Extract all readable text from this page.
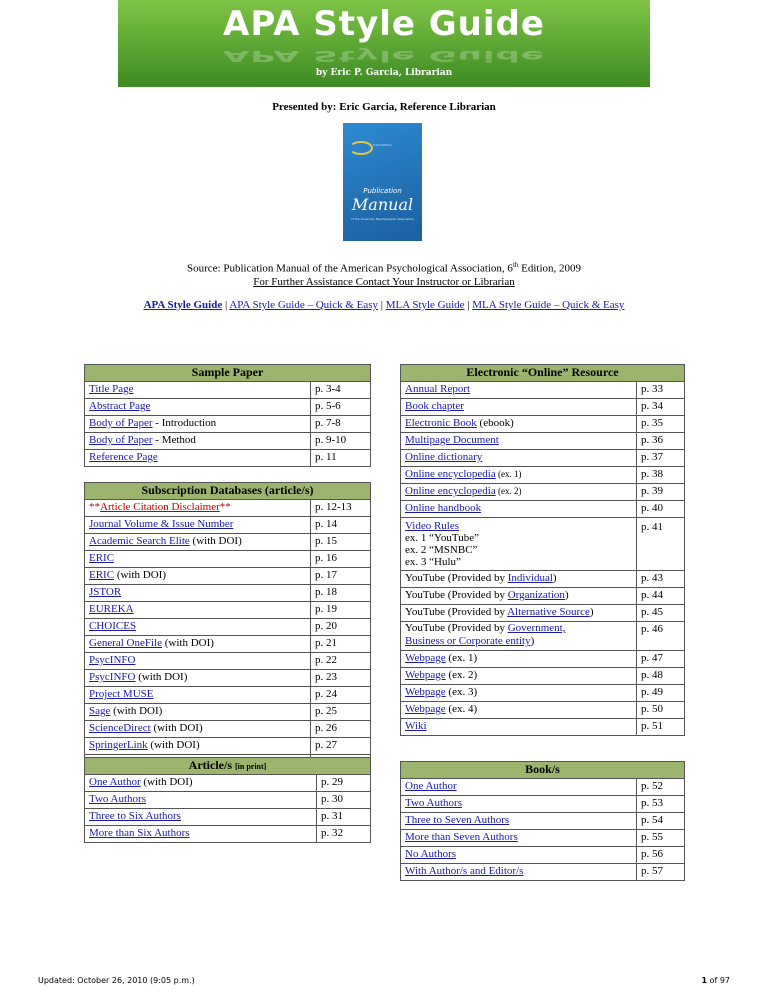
APA Style Guide
APA Style Guide
by Eric P. Garcia, Librarian
Presented by: Eric Garcia, Reference Librarian
Sixth Edition
Publication
Manual
of the American Psychological Association
Source: Publication Manual of the American Psychological Association, 6th Edition, 2009
For Further Assistance Contact Your Instructor or Librarian
APA Style Guide | APA Style Guide – Quick & Easy | MLA Style Guide | MLA Style Guide – Quick & Easy
Sample Paper	
Title Page	p. 3-4
Abstract Page	p. 5-6
Body of Paper - Introduction	p. 7-8
Body of Paper - Method	p. 9-10
Reference Page	p. 11
Subscription Databases (article/s)	
**Article Citation Disclaimer**	p. 12-13
Journal Volume & Issue Number	p. 14
Academic Search Elite (with DOI)	p. 15
ERIC	p. 16
ERIC (with DOI)	p. 17
JSTOR	p. 18
EUREKA	p. 19
CHOICES	p. 20
General OneFile (with DOI)	p. 21
PsycINFO	p. 22
PsycINFO (with DOI)	p. 23
Project MUSE	p. 24
Sage (with DOI)	p. 25
ScienceDirect (with DOI)	p. 26
SpringerLink (with DOI)	p. 27

Article/s [in print]	
One Author (with DOI)	p. 29
Two Authors	p. 30
Three to Six Authors	p. 31
More than Six Authors	p. 32
Electronic “Online” Resource	
Annual Report	p. 33
Book chapter	p. 34
Electronic Book (ebook)	p. 35
Multipage Document	p. 36
Online dictionary	p. 37
Online encyclopedia (ex. 1)	p. 38
Online encyclopedia (ex. 2)	p. 39
Online handbook	p. 40
Video Rules
ex. 1 “YouTube”
ex. 2 “MSNBC”
ex. 3 “Hulu”	p. 41
YouTube (Provided by Individual)	p. 43
YouTube (Provided by Organization)	p. 44
YouTube (Provided by Alternative Source)	p. 45
YouTube (Provided by Government,
Business or Corporate entity)	p. 46
Webpage (ex. 1)	p. 47
Webpage (ex. 2)	p. 48
Webpage (ex. 3)	p. 49
Webpage (ex. 4)	p. 50
Wiki	p. 51
Book/s	
One Author	p. 52
Two Authors	p. 53
Three to Seven Authors	p. 54
More than Seven Authors	p. 55
No Authors	p. 56
With Author/s and Editor/s	p. 57
Updated: October 26, 2010 (9:05 p.m.)	1 of 97
